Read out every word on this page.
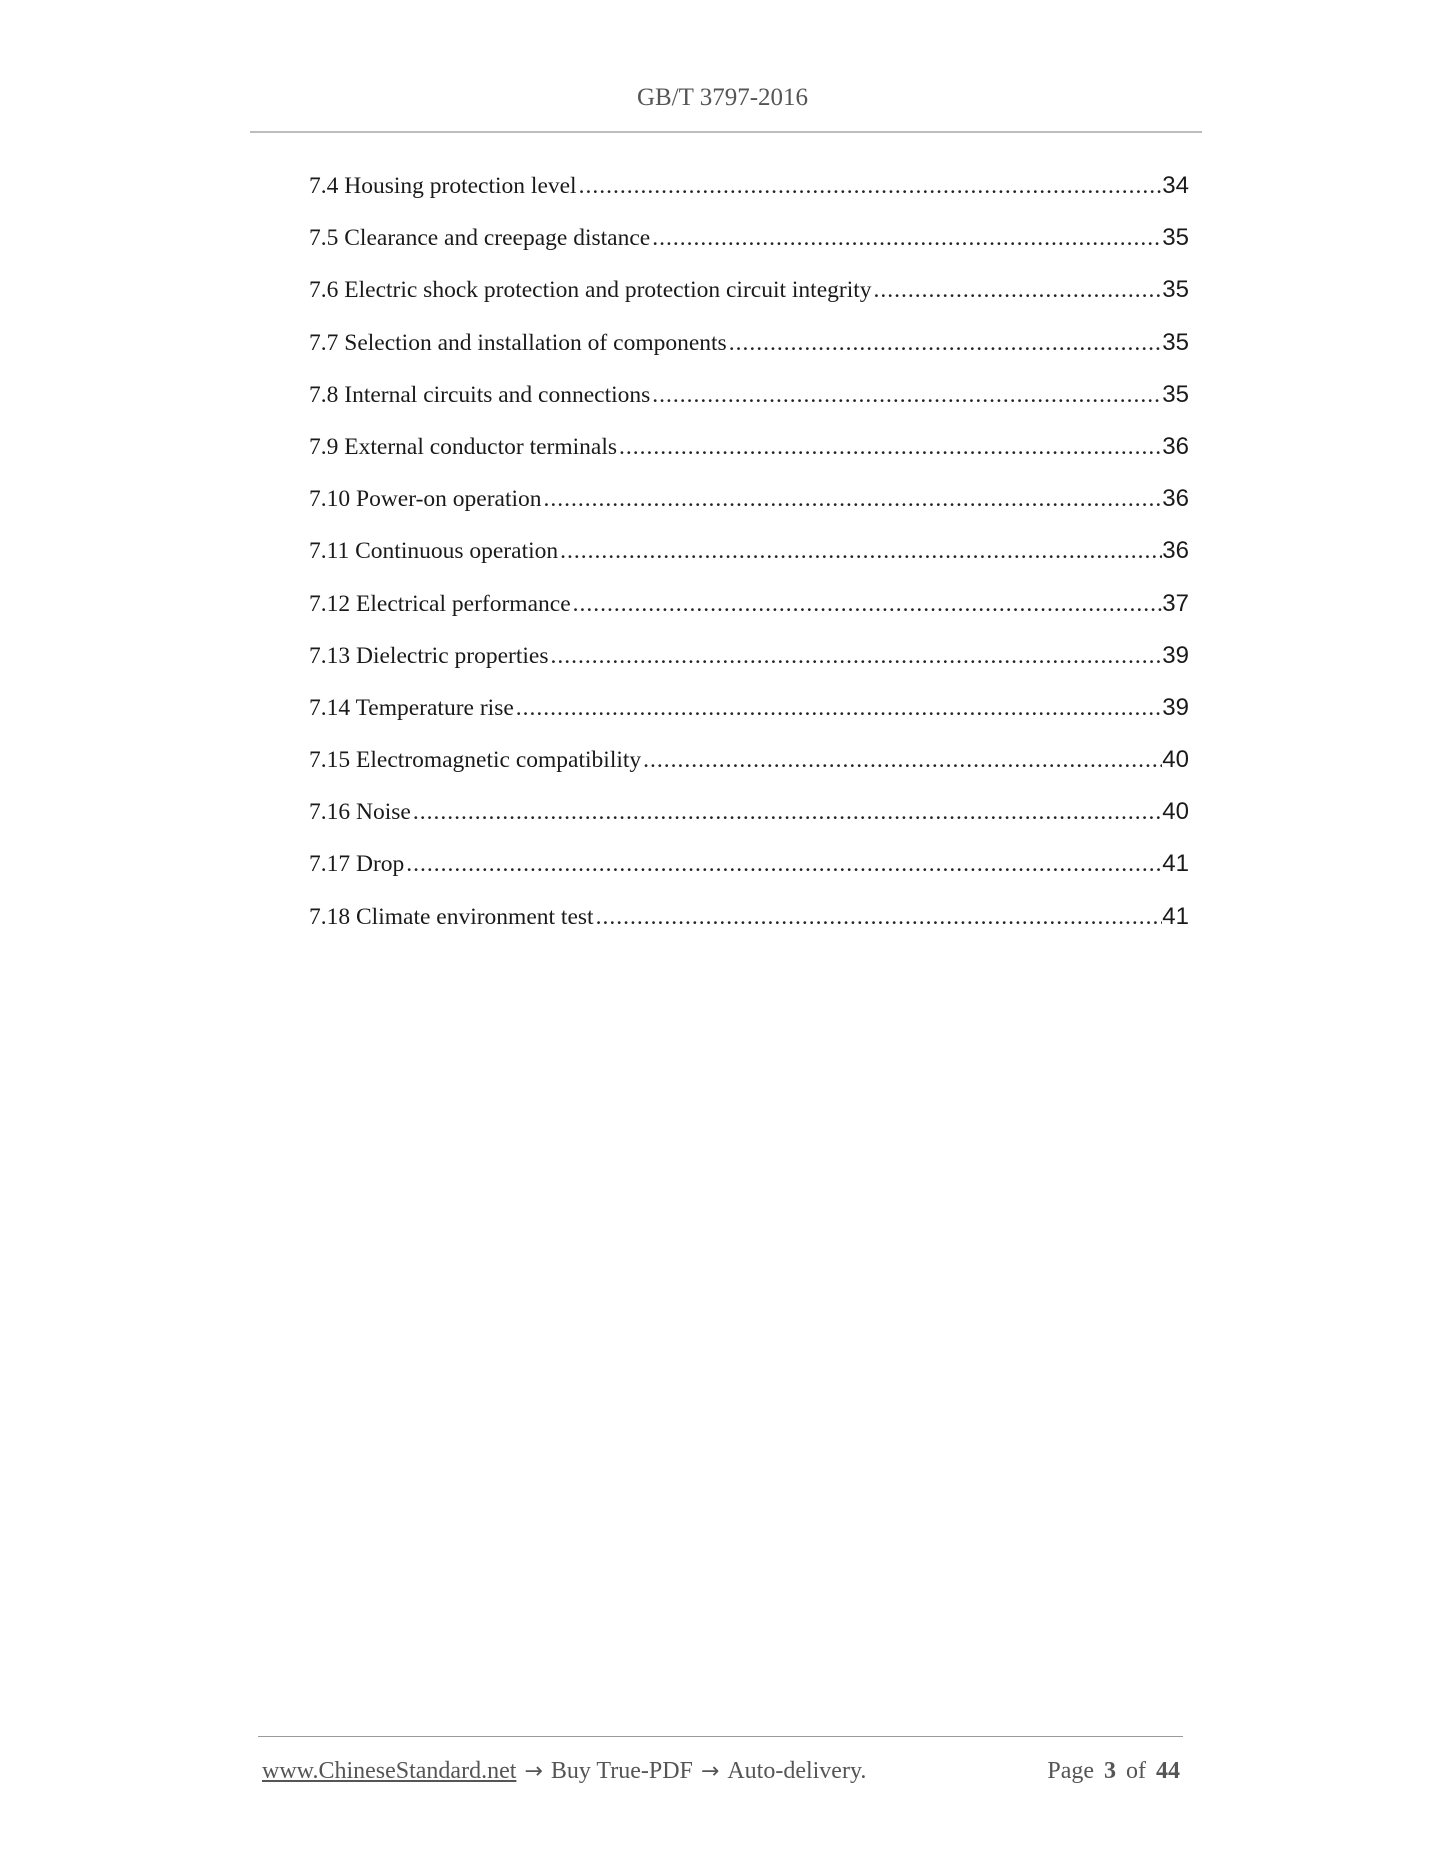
GB/T 3797-2016
7.4 Housing protection level .....	34
7.5 Clearance and creepage distance .....	35
7.6 Electric shock protection and protection circuit integrity .....	35
7.7 Selection and installation of components .....	35
7.8 Internal circuits and connections .....	35
7.9 External conductor terminals .....	36
7.10 Power-on operation .....	36
7.11 Continuous operation .....	36
7.12 Electrical performance .....	37
7.13 Dielectric properties .....	39
7.14 Temperature rise .....	39
7.15 Electromagnetic compatibility .....	40
7.16 Noise .....	40
7.17 Drop .....	41
7.18 Climate environment test .....	41
www.ChineseStandard.net → Buy True-PDF → Auto-delivery.	Page 3 of 44
